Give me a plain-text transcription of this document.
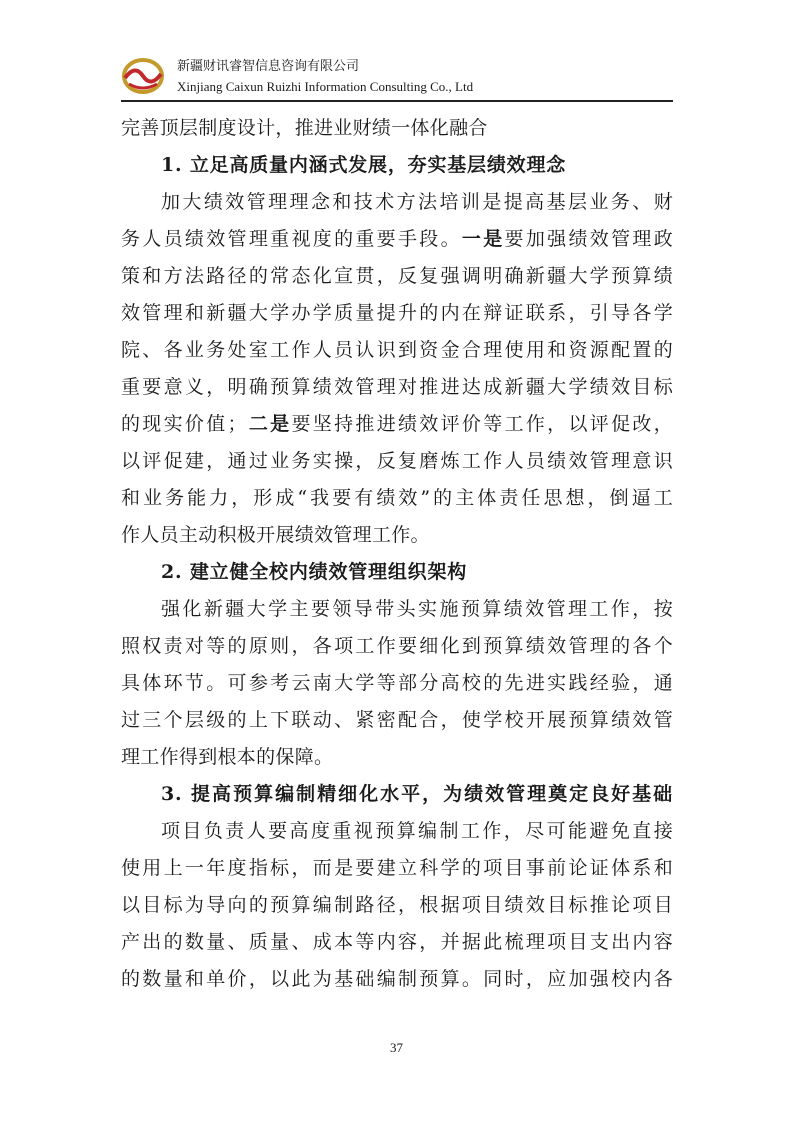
新疆财讯睿智信息咨询有限公司
Xinjiang Caixun Ruizhi Information Consulting Co., Ltd
完善顶层制度设计，推进业财绩一体化融合
1. 立足高质量内涵式发展，夯实基层绩效理念
加大绩效管理理念和技术方法培训是提高基层业务、财
务人员绩效管理重视度的重要手段。一是要加强绩效管理政
策和方法路径的常态化宣贯，反复强调明确新疆大学预算绩
效管理和新疆大学办学质量提升的内在辩证联系，引导各学
院、各业务处室工作人员认识到资金合理使用和资源配置的
重要意义，明确预算绩效管理对推进达成新疆大学绩效目标
的现实价值；二是要坚持推进绩效评价等工作，以评促改，
以评促建，通过业务实操，反复磨炼工作人员绩效管理意识
和业务能力，形成“我要有绩效”的主体责任思想，倒逼工
作人员主动积极开展绩效管理工作。
2. 建立健全校内绩效管理组织架构
强化新疆大学主要领导带头实施预算绩效管理工作，按
照权责对等的原则，各项工作要细化到预算绩效管理的各个
具体环节。可参考云南大学等部分高校的先进实践经验，通
过三个层级的上下联动、紧密配合，使学校开展预算绩效管
理工作得到根本的保障。
3. 提高预算编制精细化水平，为绩效管理奠定良好基础
项目负责人要高度重视预算编制工作，尽可能避免直接
使用上一年度指标，而是要建立科学的项目事前论证体系和
以目标为导向的预算编制路径，根据项目绩效目标推论项目
产出的数量、质量、成本等内容，并据此梳理项目支出内容
的数量和单价，以此为基础编制预算。同时，应加强校内各
37
